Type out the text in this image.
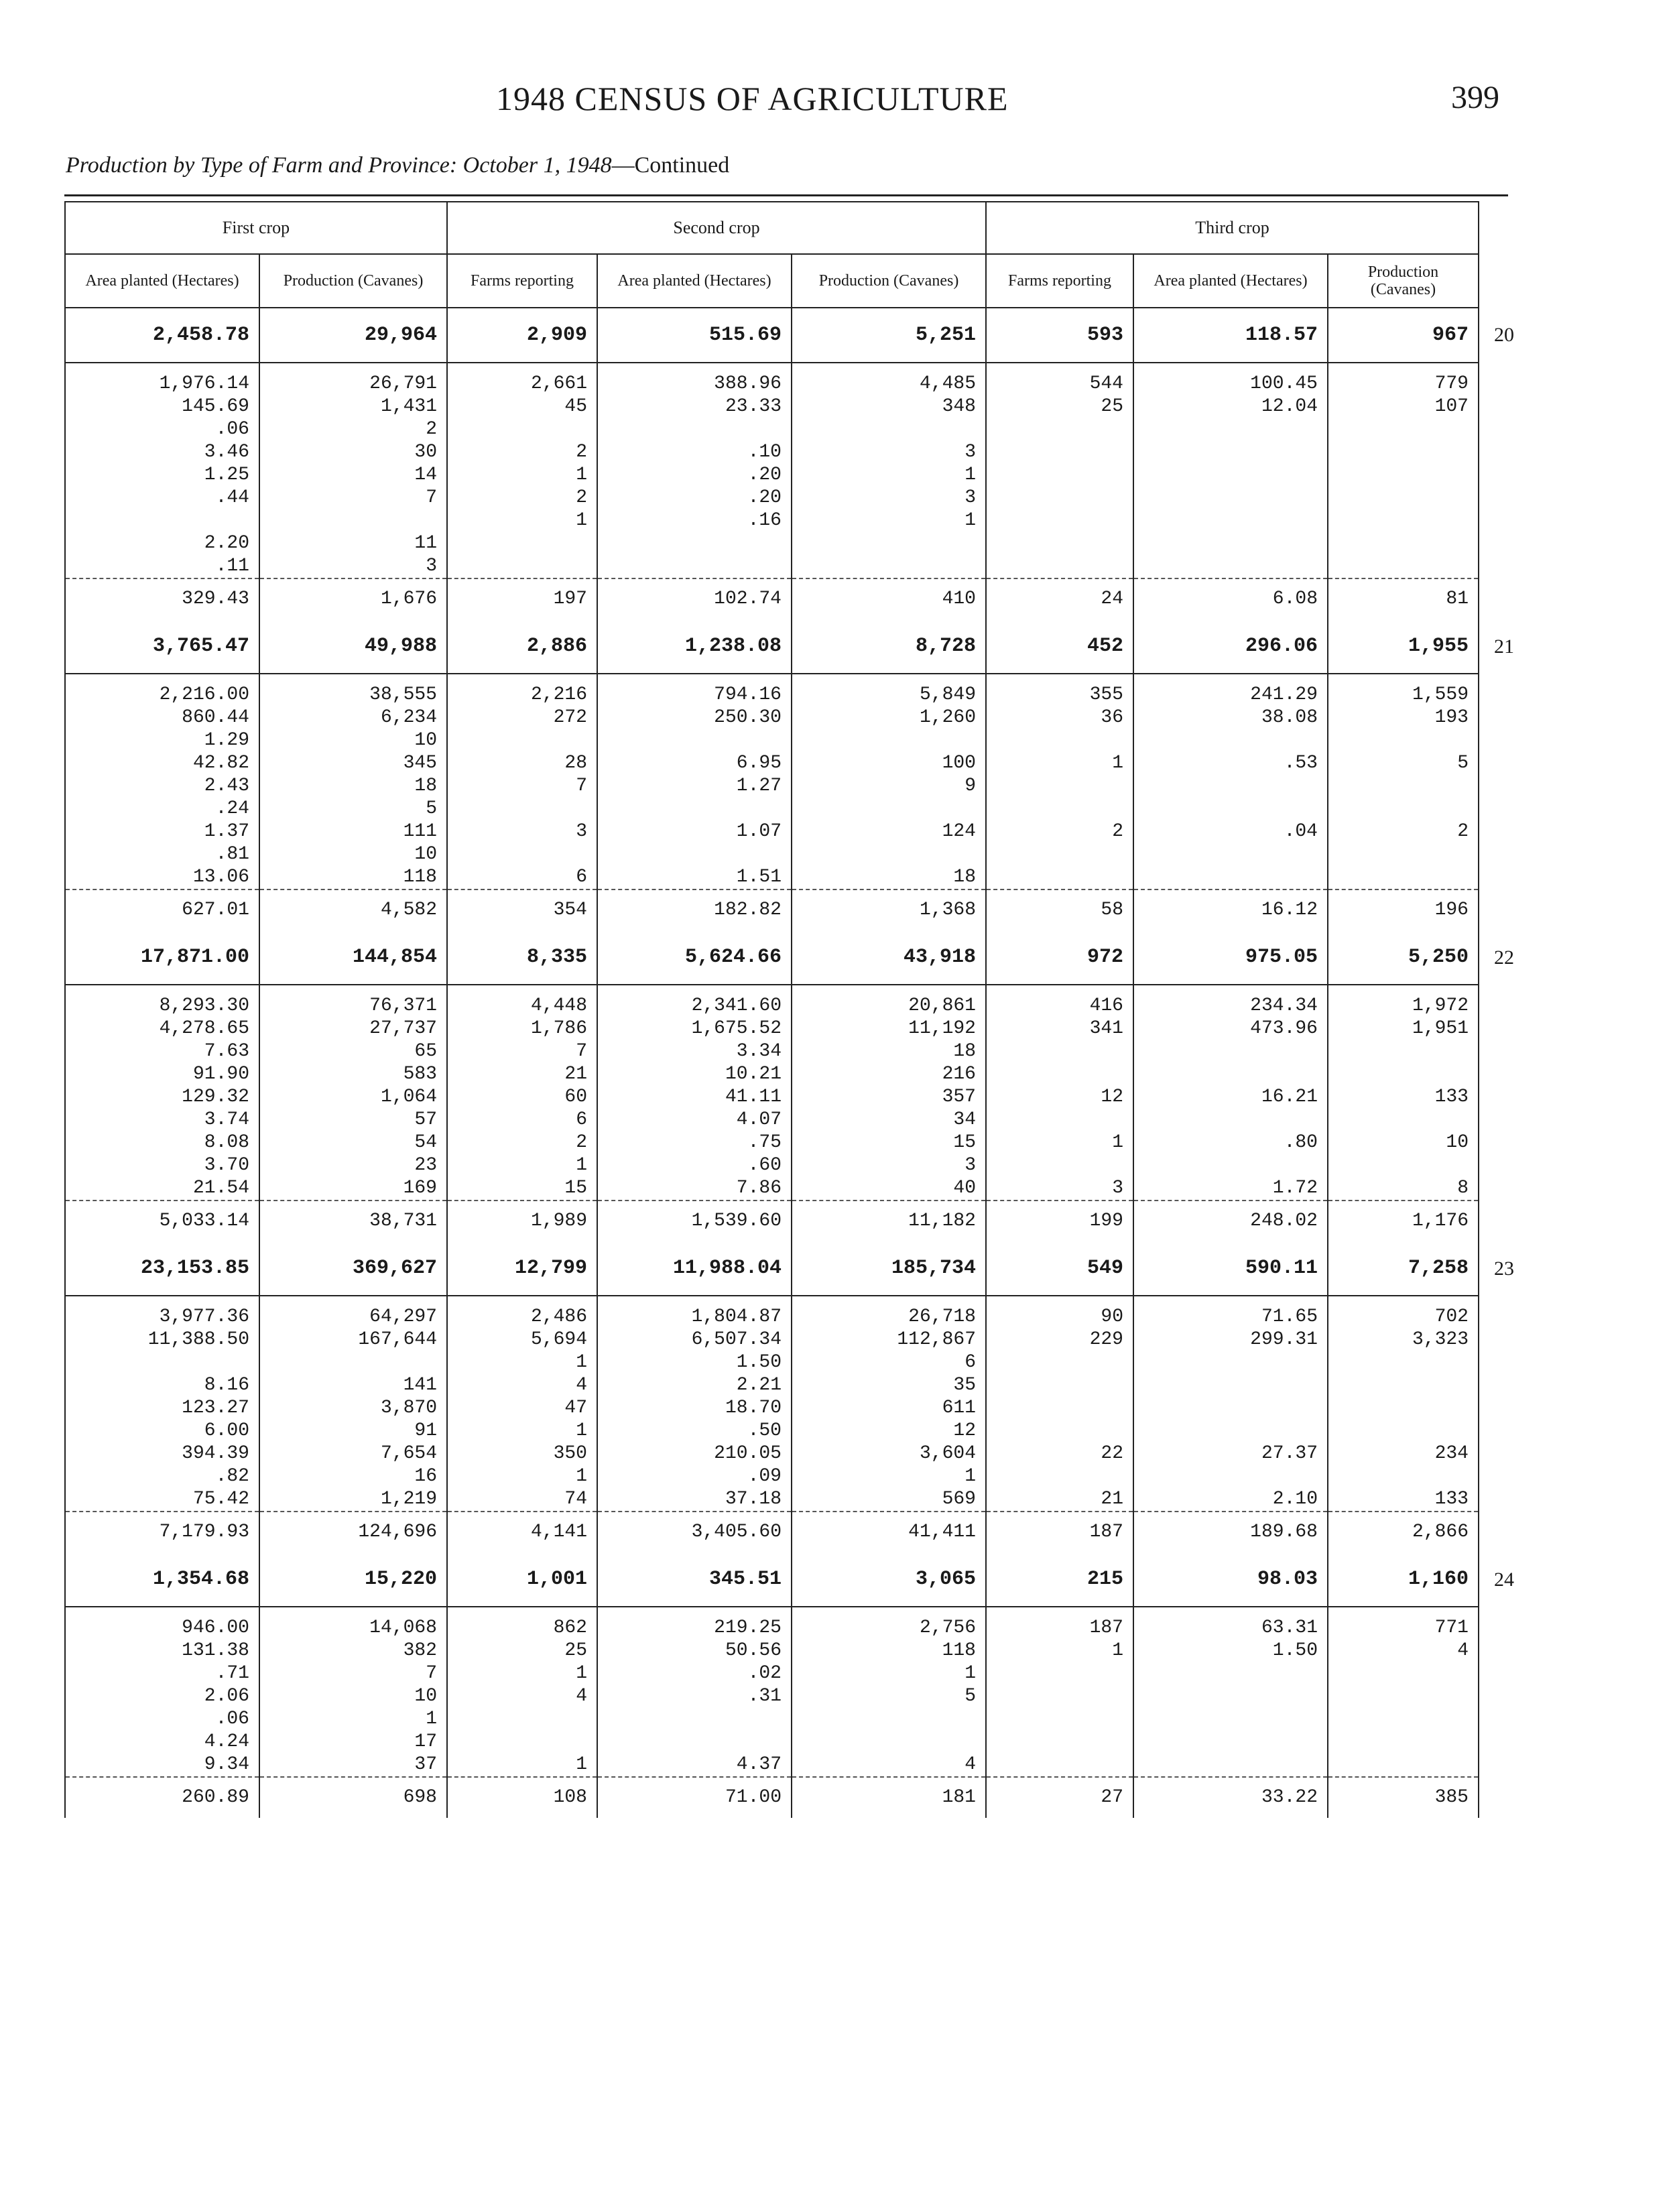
1948 CENSUS OF AGRICULTURE	399
Production by Type of Farm and Province: October 1, 1948—Continued
First crop		Second crop			Third crop			
Area planted (Hectares)	Production (Cavanes)	Farms reporting	Area planted (Hectares)	Production (Cavanes)	Farms reporting	Area planted (Hectares)	Production (Cavanes)	
2,458.78	29,964	2,909	515.69	5,251	593	118.57	967	20
1,976.14	26,791	2,661	388.96	4,485	544	100.45	779	
145.69	1,431	45	23.33	348	25	12.04	107	
.06	2							
3.46	30	2	.10	3				
1.25	14	1	.20	1				
.44	7	2	.20	3				
		1	.16	1				
2.20	11							
.11	3							
329.43	1,676	197	102.74	410	24	6.08	81	
3,765.47	49,988	2,886	1,238.08	8,728	452	296.06	1,955	21
2,216.00	38,555	2,216	794.16	5,849	355	241.29	1,559	
860.44	6,234	272	250.30	1,260	36	38.08	193	
1.29	10							
42.82	345	28	6.95	100	1	.53	5	
2.43	18	7	1.27	9				
.24	5							
1.37	111	3	1.07	124	2	.04	2	
.81	10							
13.06	118	6	1.51	18				
627.01	4,582	354	182.82	1,368	58	16.12	196	
17,871.00	144,854	8,335	5,624.66	43,918	972	975.05	5,250	22
8,293.30	76,371	4,448	2,341.60	20,861	416	234.34	1,972	
4,278.65	27,737	1,786	1,675.52	11,192	341	473.96	1,951	
7.63	65	7	3.34	18				
91.90	583	21	10.21	216				
129.32	1,064	60	41.11	357	12	16.21	133	
3.74	57	6	4.07	34				
8.08	54	2	.75	15	1	.80	10	
3.70	23	1	.60	3				
21.54	169	15	7.86	40	3	1.72	8	
5,033.14	38,731	1,989	1,539.60	11,182	199	248.02	1,176	
23,153.85	369,627	12,799	11,988.04	185,734	549	590.11	7,258	23
3,977.36	64,297	2,486	1,804.87	26,718	90	71.65	702	
11,388.50	167,644	5,694	6,507.34	112,867	229	299.31	3,323	
		1	1.50	6				
8.16	141	4	2.21	35				
123.27	3,870	47	18.70	611				
6.00	91	1	.50	12				
394.39	7,654	350	210.05	3,604	22	27.37	234	
.82	16	1	.09	1				
75.42	1,219	74	37.18	569	21	2.10	133	
7,179.93	124,696	4,141	3,405.60	41,411	187	189.68	2,866	
1,354.68	15,220	1,001	345.51	3,065	215	98.03	1,160	24
946.00	14,068	862	219.25	2,756	187	63.31	771	
131.38	382	25	50.56	118	1	1.50	4	
.71	7	1	.02	1				
2.06	10	4	.31	5				
.06	1							
4.24	17							
9.34	37	1	4.37	4				
260.89	698	108	71.00	181	27	33.22	385	
